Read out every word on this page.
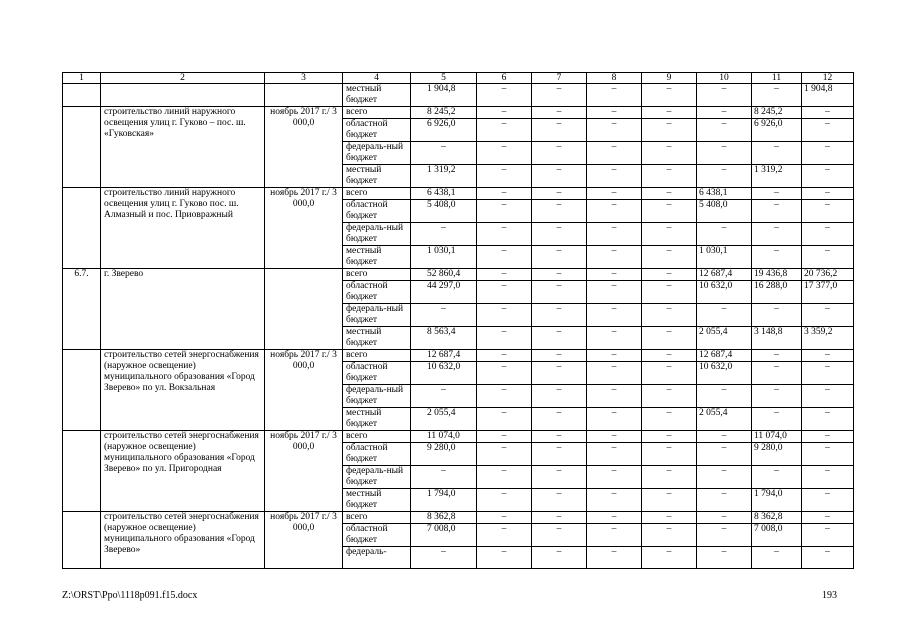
1	2	3	4	5	6	7	8	9	10	11	12
			местный бюджет	1 904,8	–	–	–	–	–	–	1 904,8
	строительство линий наружного освещения улиц г. Гуково – пос. ш. «Гуковская»	ноябрь 2017 г./ 3 000,0	всего	8 245,2	–	–	–	–	–	8 245,2	–
			областной бюджет	6 926,0	–	–	–	–	–	6 926,0	–
			федераль-ный бюджет	–	–	–	–	–	–	–	–
			местный бюджет	1 319,2	–	–	–	–	–	1 319,2	–
	строительство линий наружного освещения улиц г. Гуково пос. ш. Алмазный и пос. Приовражный	ноябрь 2017 г./ 3 000,0	всего	6 438,1	–	–	–	–	6 438,1	–	–
			областной бюджет	5 408,0	–	–	–	–	5 408,0	–	–
			федераль-ный бюджет	–	–	–	–	–	–	–	–
			местный бюджет	1 030,1	–	–	–	–	1 030,1	–	–
6.7.	г. Зверево		всего	52 860,4	–	–	–	–	12 687,4	19 436,8	20 736,2
			областной бюджет	44 297,0	–	–	–	–	10 632,0	16 288,0	17 377,0
			федераль-ный бюджет	–	–	–	–	–	–	–	–
			местный бюджет	8 563,4	–	–	–	–	2 055,4	3 148,8	3 359,2
	строительство сетей энергоснабжения (наружное освещение) муниципального образования «Город Зверево» по ул. Вокзальная	ноябрь 2017 г./ 3 000,0	всего	12 687,4	–	–	–	–	12 687,4	–	–
			областной бюджет	10 632,0	–	–	–	–	10 632,0	–	–
			федераль-ный бюджет	–	–	–	–	–	–	–	–
			местный бюджет	2 055,4	–	–	–	–	2 055,4	–	–
	строительство сетей энергоснабжения (наружное освещение) муниципального образования «Город Зверево» по ул. Пригородная	ноябрь 2017 г./ 3 000,0	всего	11 074,0	–	–	–	–	–	11 074,0	–
			областной бюджет	9 280,0	–	–	–	–	–	9 280,0	–
			федераль-ный бюджет	–	–	–	–	–	–	–	–
			местный бюджет	1 794,0	–	–	–	–	–	1 794,0	–
	строительство сетей энергоснабжения (наружное освещение) муниципального образования «Город Зверево»	ноябрь 2017 г./ 3 000,0	всего	8 362,8	–	–	–	–	–	8 362,8	–
			областной бюджет	7 008,0	–	–	–	–	–	7 008,0	–
			федераль-	–	–	–	–	–	–	–	–
Z:\ORST\Ppo\1118p091.f15.docx	193
